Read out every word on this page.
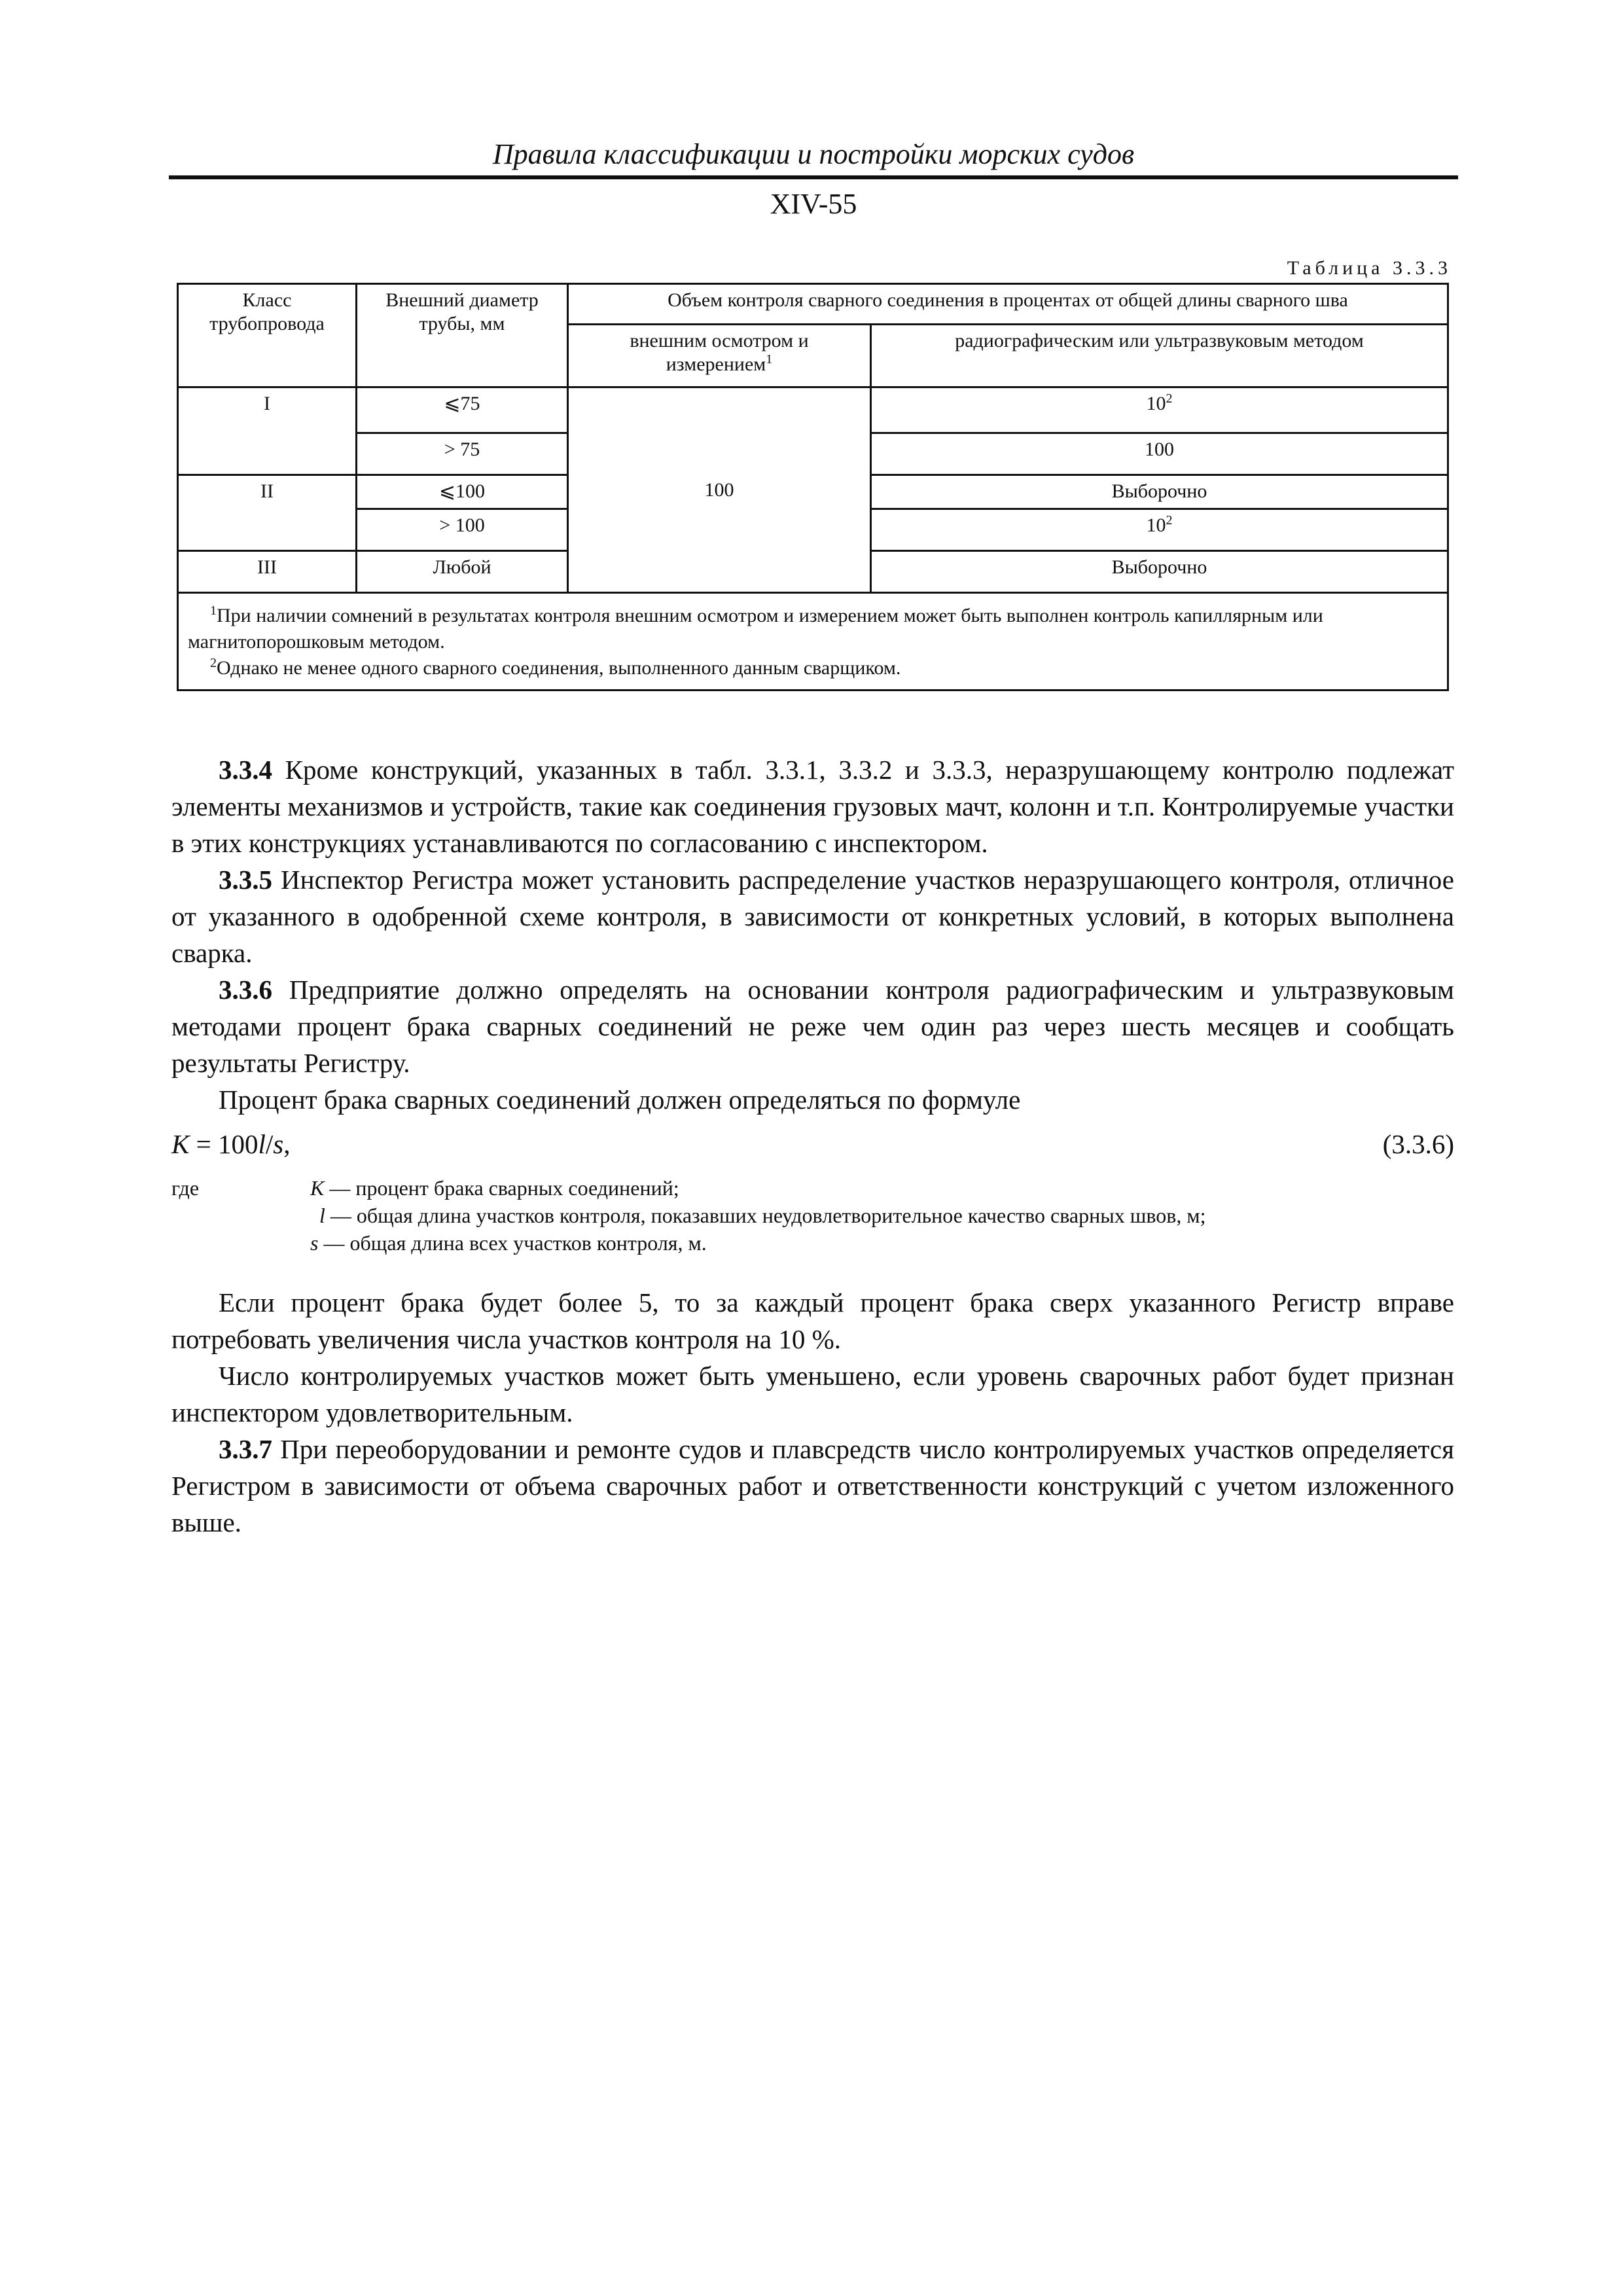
Правила классификации и постройки морских судов
XIV-55
Таблица 3.3.3
Класс трубопровода	Внешний диаметр трубы, мм	Объем контроля сварного соединения в процентах от общей длины сварного шва	
		внешним осмотром и измерением$^1$	радиографическим или ультразвуковым методом
I	⩽75	100	$10^2$
	> 75		100
II	⩽100		Выборочно
	> 100		$10^2$
III	Любой		Выборочно

$^1$При наличии сомнений в результатах контроля внешним осмотром и измерением может быть выполнен контроль капиллярным или магнитопорошковым методом.
$^2$Однако не менее одного сварного соединения, выполненного данным сварщиком.			

3.3.4 Кроме конструкций, указанных в табл. 3.3.1, 3.3.2 и 3.3.3, неразрушающему контролю подлежат элементы механизмов и устройств, такие как соединения грузовых мачт, колонн и т.п. Контролируемые участки в этих конструкциях устанавливаются по согласованию с инспектором.

3.3.5 Инспектор Регистра может установить распределение участков неразрушающего контроля, отличное от указанного в одобренной схеме контроля, в зависимости от конкретных условий, в которых выполнена сварка.

3.3.6 Предприятие должно определять на основании контроля радиографическим и ультразвуковым методами процент брака сварных соединений не реже чем один раз через шесть месяцев и сообщать результаты Регистру.

Процент брака сварных соединений должен определяться по формуле

K = 100l/s,	(3.3.6)
где	K — процент брака сварных соединений;
l — общая длина участков контроля, показавших неудовлетворительное качество сварных швов, м;
s — общая длина всех участков контроля, м.

Если процент брака будет более 5, то за каждый процент брака сверх указанного Регистр вправе потребовать увеличения числа участков контроля на 10 %.

Число контролируемых участков может быть уменьшено, если уровень сварочных работ будет признан инспектором удовлетворительным.

3.3.7 При переоборудовании и ремонте судов и плавсредств число контролируемых участков определяется Регистром в зависимости от объема сварочных работ и ответственности конструкций с учетом изложенного выше.
